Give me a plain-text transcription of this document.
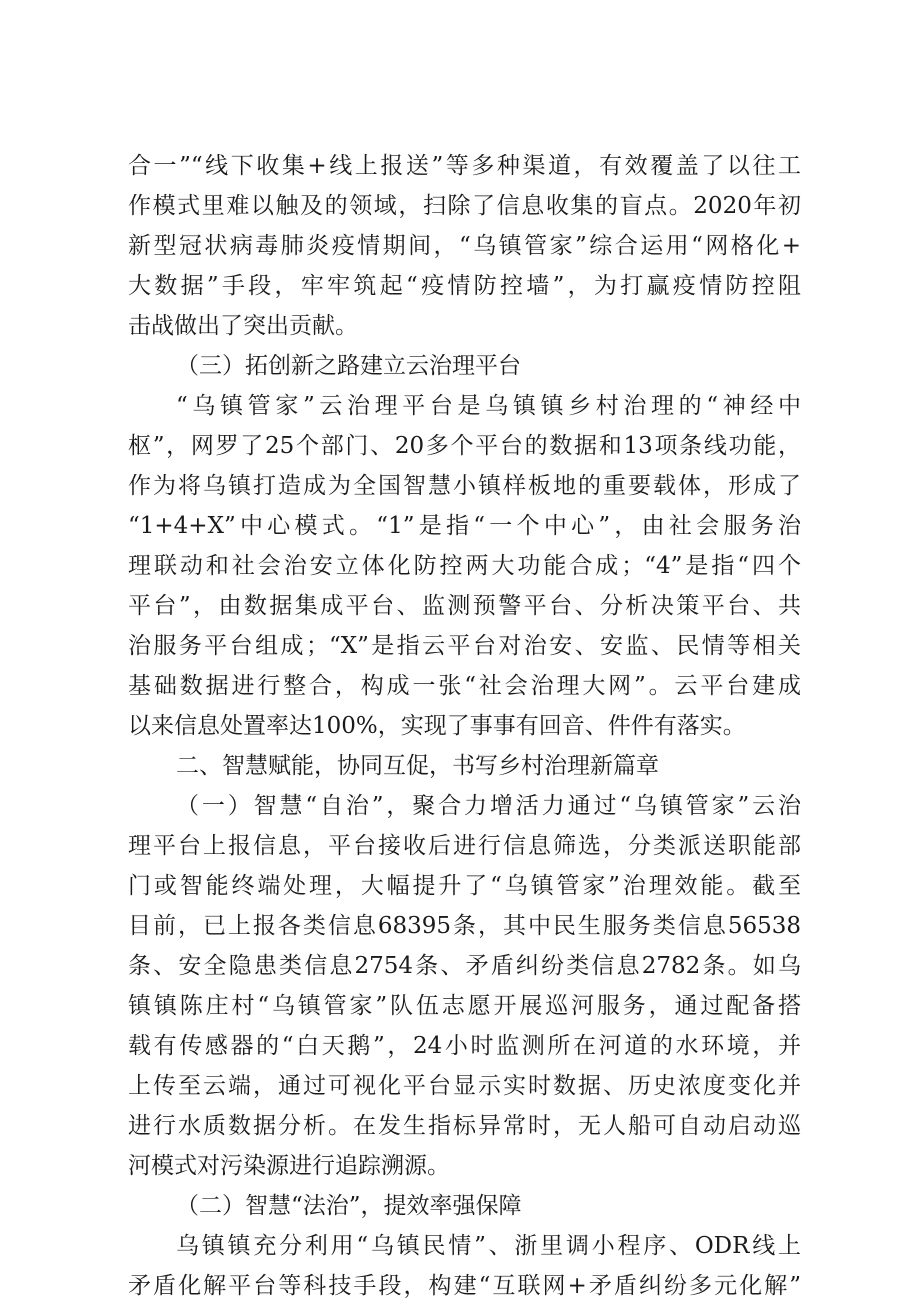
合一”“线下收集+线上报送”等多种渠道，有效覆盖了以往工
作模式里难以触及的领域，扫除了信息收集的盲点。2020年初
新型冠状病毒肺炎疫情期间，“乌镇管家”综合运用“网格化+
大数据”手段，牢牢筑起“疫情防控墙”，为打赢疫情防控阻
击战做出了突出贡献。
（三）拓创新之路建立云治理平台
“乌镇管家”云治理平台是乌镇镇乡村治理的“神经中
枢”，网罗了25个部门、20多个平台的数据和13项条线功能，
作为将乌镇打造成为全国智慧小镇样板地的重要载体，形成了
“1+4+X”中心模式。“1”是指“一个中心”，由社会服务治
理联动和社会治安立体化防控两大功能合成；“4”是指“四个
平台”，由数据集成平台、监测预警平台、分析决策平台、共
治服务平台组成；“X”是指云平台对治安、安监、民情等相关
基础数据进行整合，构成一张“社会治理大网”。云平台建成
以来信息处置率达100%，实现了事事有回音、件件有落实。
二、智慧赋能，协同互促，书写乡村治理新篇章
（一）智慧“自治”，聚合力增活力通过“乌镇管家”云治
理平台上报信息，平台接收后进行信息筛选，分类派送职能部
门或智能终端处理，大幅提升了“乌镇管家”治理效能。截至
目前，已上报各类信息68395条，其中民生服务类信息56538
条、安全隐患类信息2754条、矛盾纠纷类信息2782条。如乌
镇镇陈庄村“乌镇管家”队伍志愿开展巡河服务，通过配备搭
载有传感器的“白天鹅”，24小时监测所在河道的水环境，并
上传至云端，通过可视化平台显示实时数据、历史浓度变化并
进行水质数据分析。在发生指标异常时，无人船可自动启动巡
河模式对污染源进行追踪溯源。
（二）智慧“法治”，提效率强保障
乌镇镇充分利用“乌镇民情”、浙里调小程序、ODR线上
矛盾化解平台等科技手段，构建“互联网+矛盾纠纷多元化解”
